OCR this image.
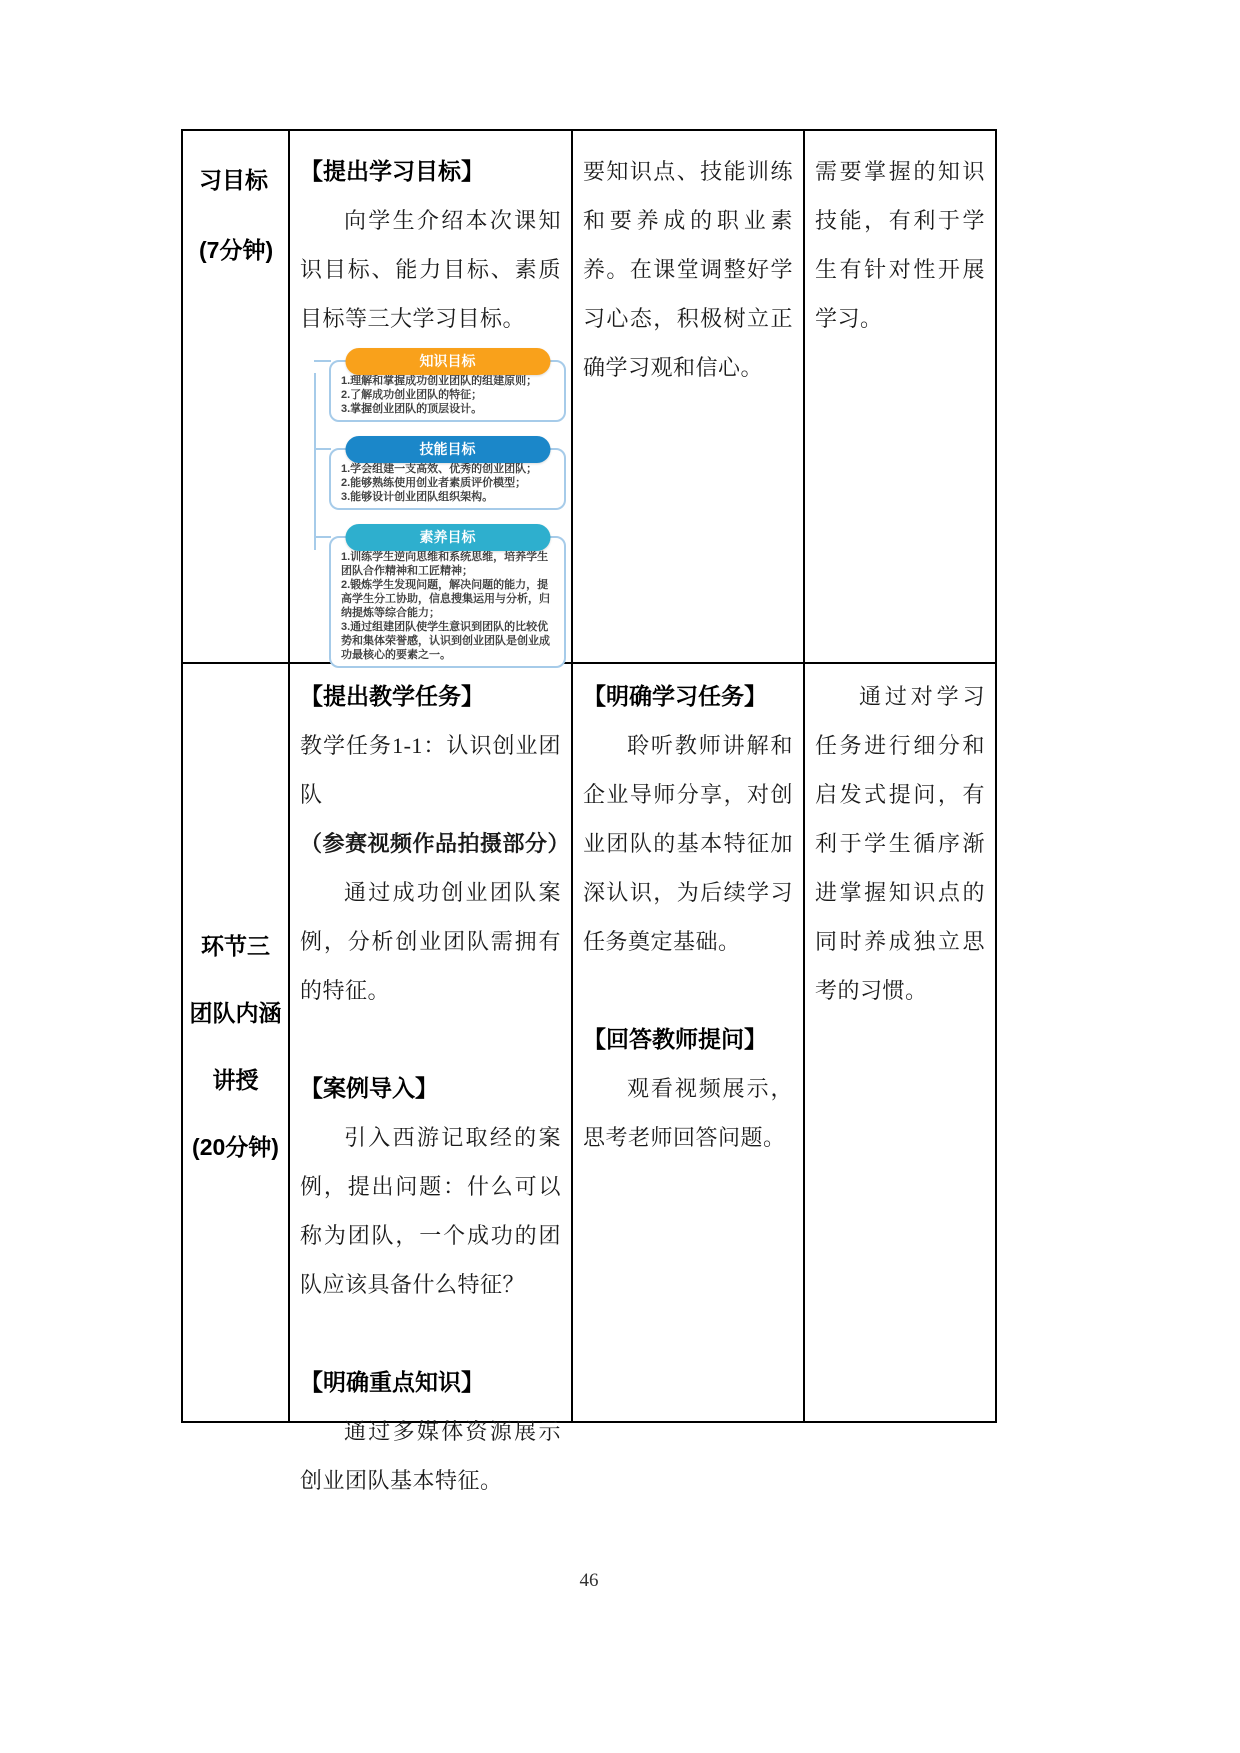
习目标
(7分钟)
【提出学习目标】
向学生介绍本次课知识目标、能力目标、素质目标等三大学习目标。
知识目标
1.理解和掌握成功创业团队的组建原则；
2.了解成功创业团队的特征；
3.掌握创业团队的顶层设计。
技能目标
1.学会组建一支高效、优秀的创业团队；
2.能够熟练使用创业者素质评价模型；
3.能够设计创业团队组织架构。
素养目标
1.训练学生逆向思维和系统思维，培养学生团队合作精神和工匠精神；
2.锻炼学生发现问题，解决问题的能力，提高学生分工协助，信息搜集运用与分析，归纳提炼等综合能力；
3.通过组建团队使学生意识到团队的比较优势和集体荣誉感，认识到创业团队是创业成功最核心的要素之一。
要知识点、技能训练和要养成的职业素养。在课堂调整好学习心态，积极树立正确学习观和信心。
需要掌握的知识技能，有利于学生有针对性开展学习。
环节三
团队内涵
讲授
(20分钟)
【提出教学任务】
教学任务1-1：认识创业团队
（参赛视频作品拍摄部分）
通过成功创业团队案例，分析创业团队需拥有的特征。
【案例导入】
引入西游记取经的案例，提出问题：什么可以称为团队，一个成功的团队应该具备什么特征？
【明确重点知识】
通过多媒体资源展示创业团队基本特征。
【明确学习任务】
聆听教师讲解和企业导师分享，对创业团队的基本特征加深认识，为后续学习任务奠定基础。
【回答教师提问】
观看视频展示，思考老师回答问题。
通过对学习任务进行细分和启发式提问，有利于学生循序渐进掌握知识点的同时养成独立思考的习惯。
46
